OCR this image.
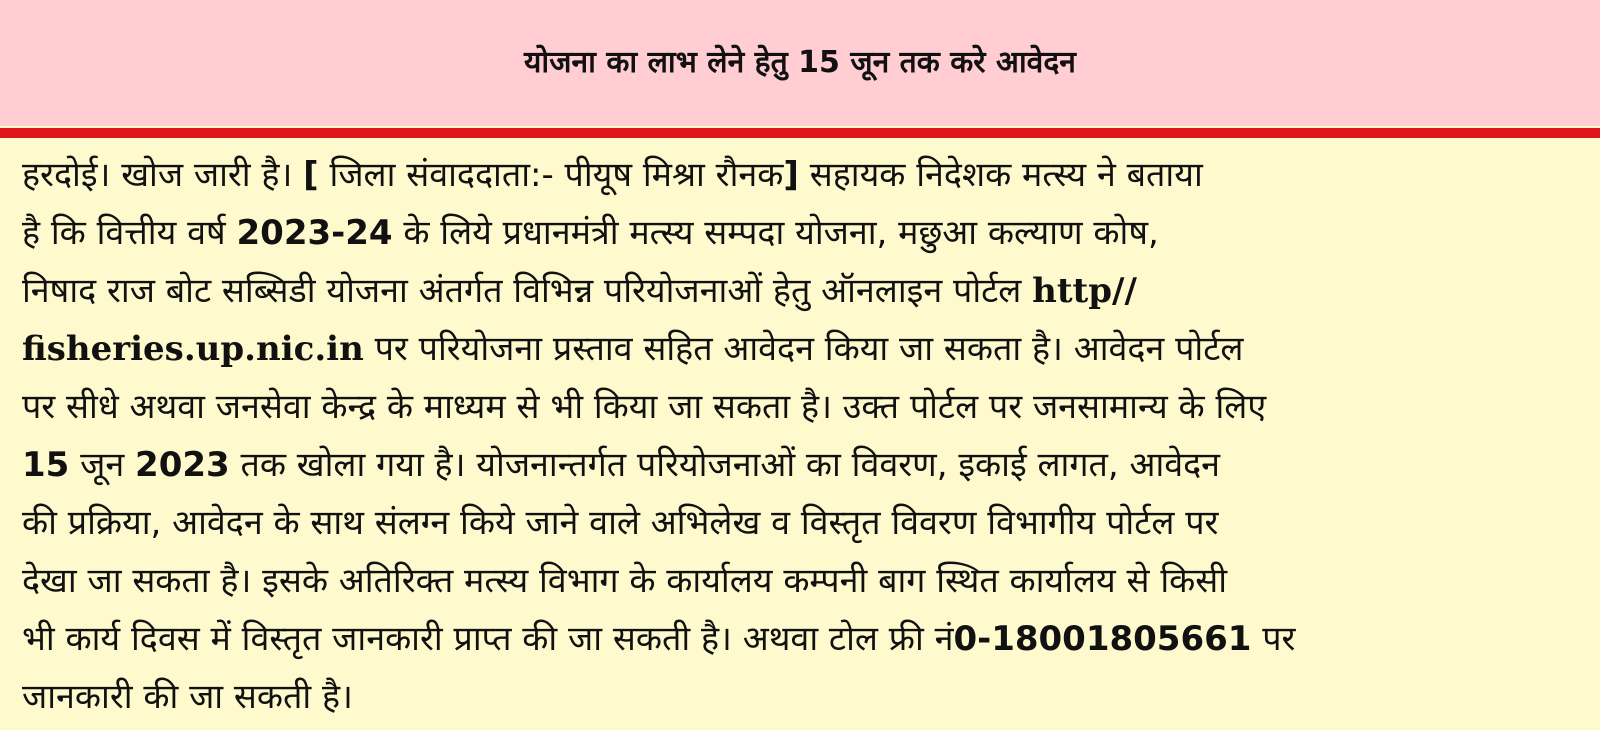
योजना का लाभ लेने हेतु 15 जून तक करे आवेदन
हरदोई। खोज जारी है। [ जिला संवाददाता:- पीयूष मिश्रा रौनक] सहायक निदेशक मत्स्य ने बताया
है कि वित्तीय वर्ष 2023-24 के लिये प्रधानमंत्री मत्स्य सम्पदा योजना, मछुआ कल्याण कोष,
निषाद राज बोट सब्सिडी योजना अंतर्गत विभिन्न परियोजनाओं हेतु ऑनलाइन पोर्टल http//
fisheries.up.nic.in पर परियोजना प्रस्ताव सहित आवेदन किया जा सकता है। आवेदन पोर्टल
पर सीधे अथवा जनसेवा केन्द्र के माध्यम से भी किया जा सकता है। उक्त पोर्टल पर जनसामान्य के लिए
15 जून 2023 तक खोला गया है। योजनान्तर्गत परियोजनाओं का विवरण, इकाई लागत, आवेदन
की प्रक्रिया, आवेदन के साथ संलग्न किये जाने वाले अभिलेख व विस्तृत विवरण विभागीय पोर्टल पर
देखा जा सकता है। इसके अतिरिक्त मत्स्य विभाग के कार्यालय कम्पनी बाग स्थित कार्यालय से किसी
भी कार्य दिवस में विस्तृत जानकारी प्राप्त की जा सकती है। अथवा टोल फ्री नं0-18001805661 पर
जानकारी की जा सकती है।
